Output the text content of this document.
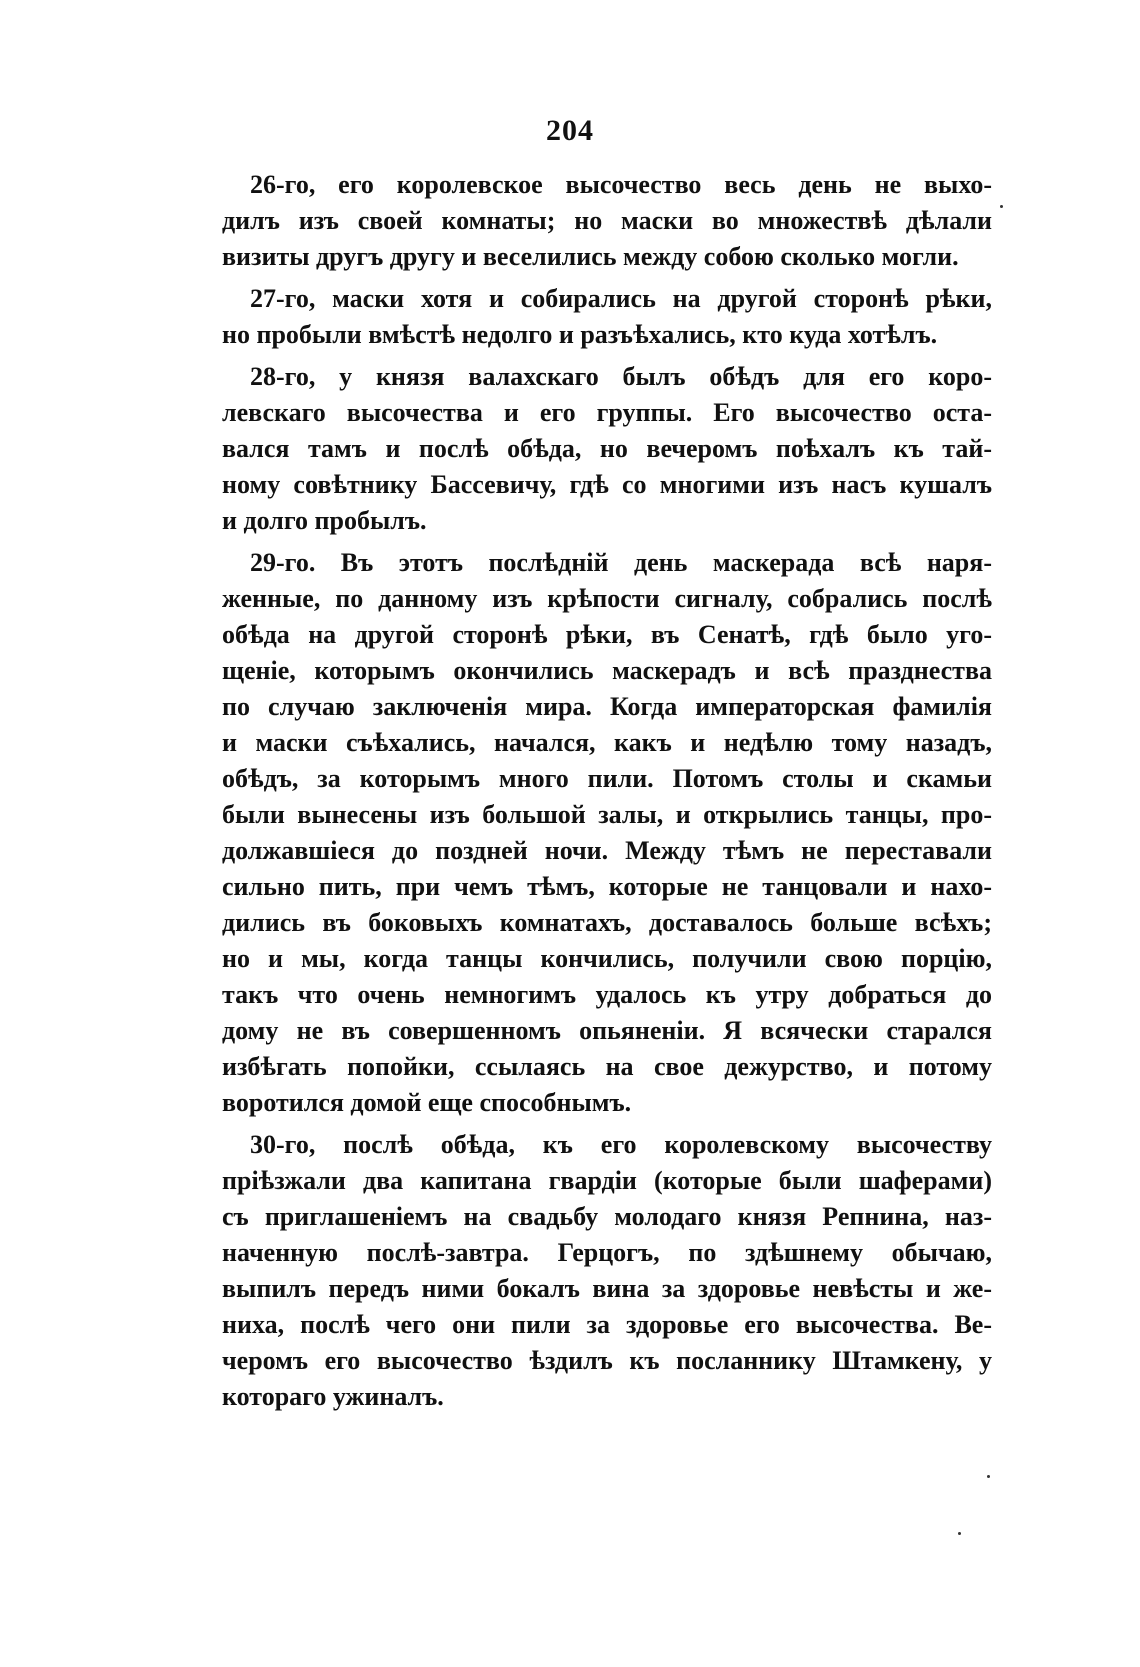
204
26-го, его королевское высочество весь день не выхо-
дилъ изъ своей комнаты; но маски во множествѣ дѣлали
визиты другъ другу и веселились между собою сколько могли.
27-го, маски хотя и собирались на другой сторонѣ рѣки,
но пробыли вмѣстѣ недолго и разъѣхались, кто куда хотѣлъ.
28-го, у князя валахскаго былъ обѣдъ для его коро-
левскаго высочества и его группы. Его высочество оста-
вался тамъ и послѣ обѣда, но вечеромъ поѣхалъ къ тай-
ному совѣтнику Бассевичу, гдѣ со многими изъ насъ кушалъ
и долго пробылъ.
29-го. Въ этотъ послѣдній день маскерада всѣ наря-
женные, по данному изъ крѣпости сигналу, собрались послѣ
обѣда на другой сторонѣ рѣки, въ Сенатѣ, гдѣ было уго-
щеніе, которымъ окончились маскерадъ и всѣ празднества
по случаю заключенія мира. Когда императорская фамилія
и маски съѣхались, начался, какъ и недѣлю тому назадъ,
обѣдъ, за которымъ много пили. Потомъ столы и скамьи
были вынесены изъ большой залы, и открылись танцы, про-
должавшіеся до поздней ночи. Между тѣмъ не переставали
сильно пить, при чемъ тѣмъ, которые не танцовали и нахо-
дились въ боковыхъ комнатахъ, доставалось больше всѣхъ;
но и мы, когда танцы кончились, получили свою порцію,
такъ что очень немногимъ удалось къ утру добраться до
дому не въ совершенномъ опьяненіи. Я всячески старался
избѣгать попойки, ссылаясь на свое дежурство, и потому
воротился домой еще способнымъ.
30-го, послѣ обѣда, къ его королевскому высочеству
пріѣзжали два капитана гвардіи (которые были шаферами)
съ приглашеніемъ на свадьбу молодаго князя Репнина, наз-
наченную послѣ-завтра. Герцогъ, по здѣшнему обычаю,
выпилъ передъ ними бокалъ вина за здоровье невѣсты и же-
ниха, послѣ чего они пили за здоровье его высочества. Ве-
черомъ его высочество ѣздилъ къ посланнику Штамкену, у
котораго ужиналъ.
